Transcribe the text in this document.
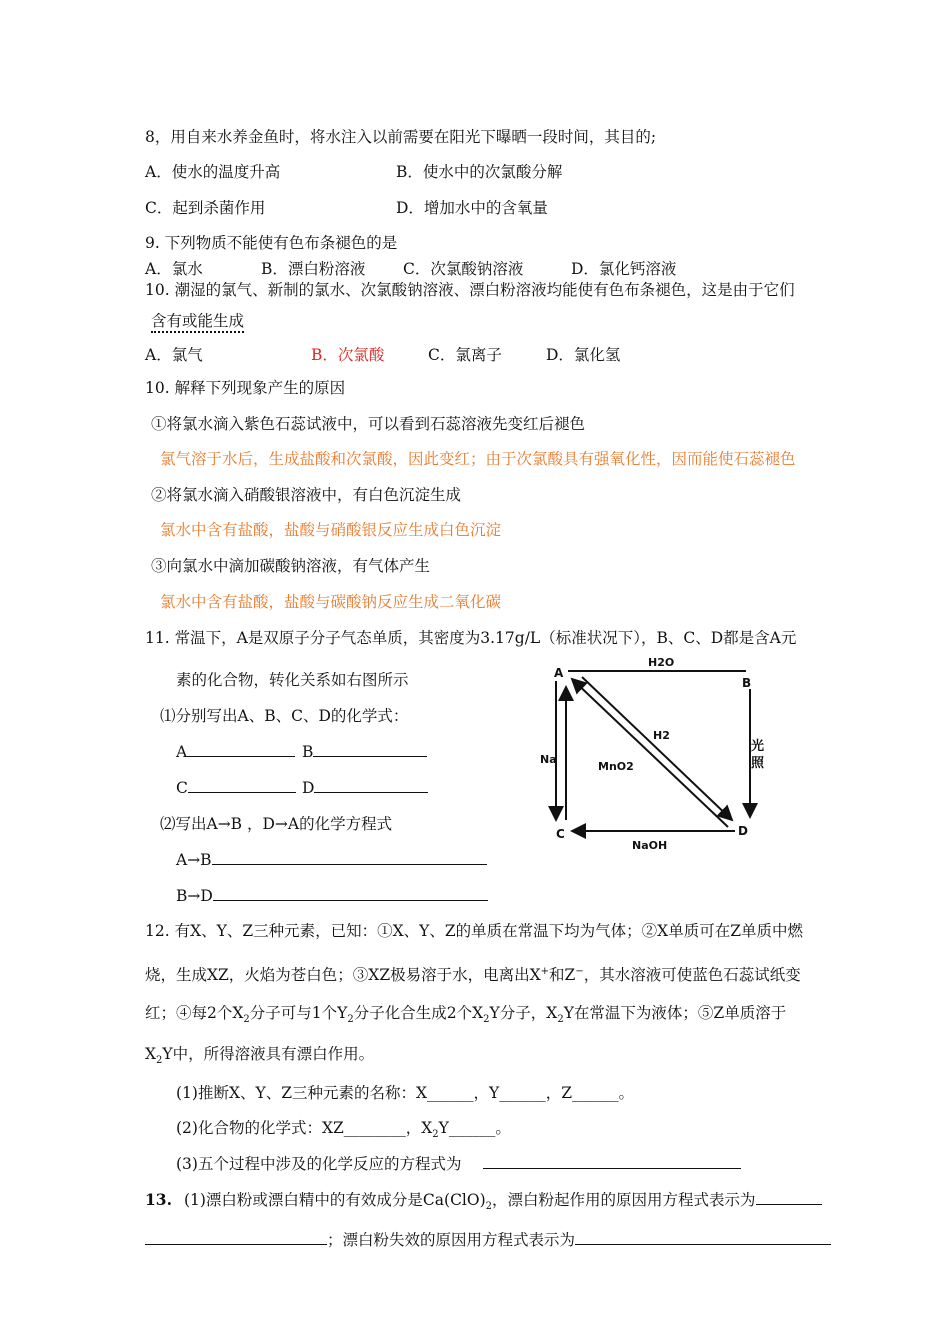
8，用自来水养金鱼时，将水注入以前需要在阳光下曝晒一段时间，其目的;
A．使水的温度升高	B．使水中的次氯酸分解
C．起到杀菌作用	D．增加水中的含氧量
9. 下列物质不能使有色布条褪色的是
A．氯水	B．漂白粉溶液 C．次氯酸钠溶液	D．氯化钙溶液
10. 潮湿的氯气、新制的氯水、次氯酸钠溶液、漂白粉溶液均能使有色布条褪色，这是由于它们
含有或能生成
A．氯气	B．次氯酸	C．氯离子	D．氯化氢
10. 解释下列现象产生的原因
①将氯水滴入紫色石蕊试液中，可以看到石蕊溶液先变红后褪色
氯气溶于水后，生成盐酸和次氯酸，因此变红；由于次氯酸具有强氧化性，因而能使石蕊褪色
②将氯水滴入硝酸银溶液中，有白色沉淀生成
氯水中含有盐酸，盐酸与硝酸银反应生成白色沉淀
③向氯水中滴加碳酸钠溶液，有气体产生
氯水中含有盐酸，盐酸与碳酸钠反应生成二氧化碳
11. 常温下，A是双原子分子气态单质，其密度为3.17g/L（标准状况下），B、C、D都是含A元
素的化合物，转化关系如右图所示
⑴分别写出A、B、C、D的化学式：
A	B
C	D
⑵写出A→B ，D→A的化学方程式
A→B
B→D
A
B
C	D
H2O
光
照
NaOH
Na
H2
MnO2
12. 有X、Y、Z三种元素，已知：①X、Y、Z的单质在常温下均为气体；②X单质可在Z单质中燃
烧，生成XZ，火焰为苍白色；③XZ极易溶于水，电离出X+和Z−，其水溶液可使蓝色石蕊试纸变
红；④每2个$X_2$分子可与1个$Y_2$分子化合生成2个$X_2Y$分子，$X_2Y$在常温下为液体；⑤Z单质溶于
$X_2Y$中，所得溶液具有漂白作用。
(1)推断X、Y、Z三种元素的名称：X______，Y______，Z______。
(2)化合物的化学式：XZ________，$X_2Y\_\_\_\_\_\_$。
(3)五个过程中涉及的化学反应的方程式为
13. (1)漂白粉或漂白精中的有效成分是$Ca(ClO)_2$，漂白粉起作用的原因用方程式表示为
；漂白粉失效的原因用方程式表示为
